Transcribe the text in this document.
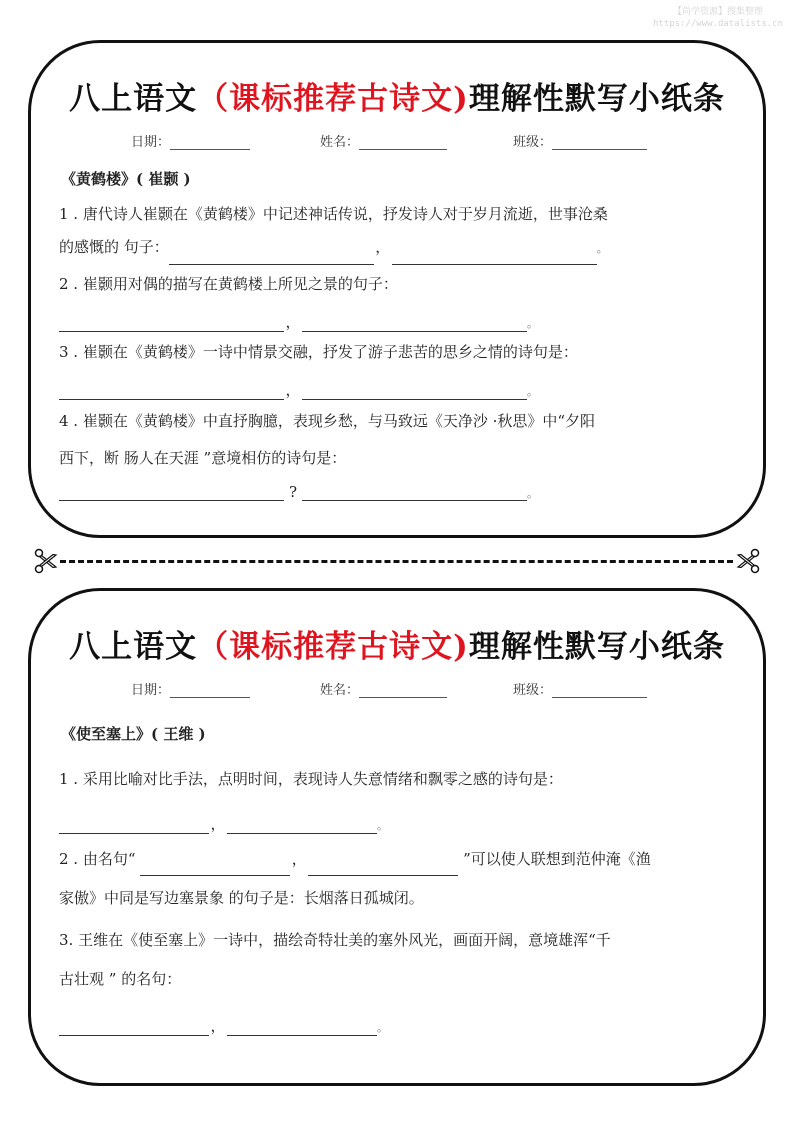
【尚学资源】搜集整理
https://www.datalists.cn
八上语文（课标推荐古诗文)理解性默写小纸条
日期：	姓名：	班级：
《黄鹤楼》( 崔颢 )
1 . 唐代诗人崔颢在《黄鹤楼》中记述神话传说，抒发诗人对于岁月流逝，世事沧桑
的感慨的 句子：	，	。
2 . 崔颢用对偶的描写在黄鹤楼上所见之景的句子：
，	。
3 . 崔颢在《黄鹤楼》一诗中情景交融，抒发了游子悲苦的思乡之情的诗句是：
，	。
4 . 崔颢在《黄鹤楼》中直抒胸臆，表现乡愁，与马致远《天净沙 ·秋思》中“夕阳
西下，断 肠人在天涯 ”意境相仿的诗句是：
?	。
八上语文（课标推荐古诗文)理解性默写小纸条
日期：	姓名：	班级：
《使至塞上》( 王维 )
1 . 采用比喻对比手法，点明时间，表现诗人失意情绪和飘零之感的诗句是：
，	。
2 . 由名句“	，	”可以使人联想到范仲淹《渔
家傲》中同是写边塞景象 的句子是：长烟落日孤城闭。
3. 王维在《使至塞上》一诗中，描绘奇特壮美的塞外风光，画面开阔，意境雄浑“千
古壮观 ” 的名句：
，	。
